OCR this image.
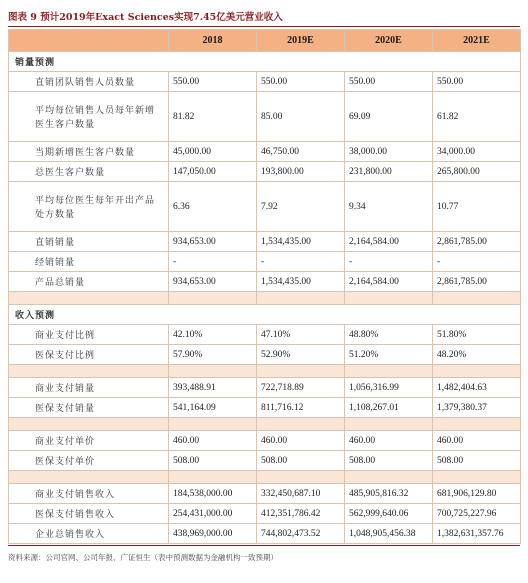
图表 9 预计2019年Exact Sciences实现7.45亿美元营业收入
	2018	2019E	2020E	2021E
销量预测				
直销团队销售人员数量	550.00	550.00	550.00	550.00
平均每位销售人员每年新增医生客户数量	81.82	85.00	69.09	61.82
当期新增医生客户数量	45,000.00	46,750.00	38,000.00	34,000.00
总医生客户数量	147,050.00	193,800.00	231,800.00	265,800.00
平均每位医生每年开出产品处方数量	6.36	7.92	9.34	10.77
直销销量	934,653.00	1,534,435.00	2,164,584.00	2,861,785.00
经销销量	-	-	-	-
产品总销量	934,653.00	1,534,435.00	2,164,584.00	2,861,785.00

收入预测				
商业支付比例	42.10%	47.10%	48.80%	51.80%
医保支付比例	57.90%	52.90%	51.20%	48.20%

商业支付销量	393,488.91	722,718.89	1,056,316.99	1,482,404.63
医保支付销量	541,164.09	811,716.12	1,108,267.01	1,379,380.37

商业支付单价	460.00	460.00	460.00	460.00
医保支付单价	508.00	508.00	508.00	508.00

商业支付销售收入	184,538,000.00	332,450,687.10	485,905,816.32	681,906,129.80
医保支付销售收入	254,431,000.00	412,351,786.42	562,999,640.06	700,725,227.96
企业总销售收入	438,969,000.00	744,802,473.52	1,048,905,456.38	1,382,631,357.76
资料来源：公司官网、公司年报、广证恒生（表中预测数据为金融机构一致预期）
